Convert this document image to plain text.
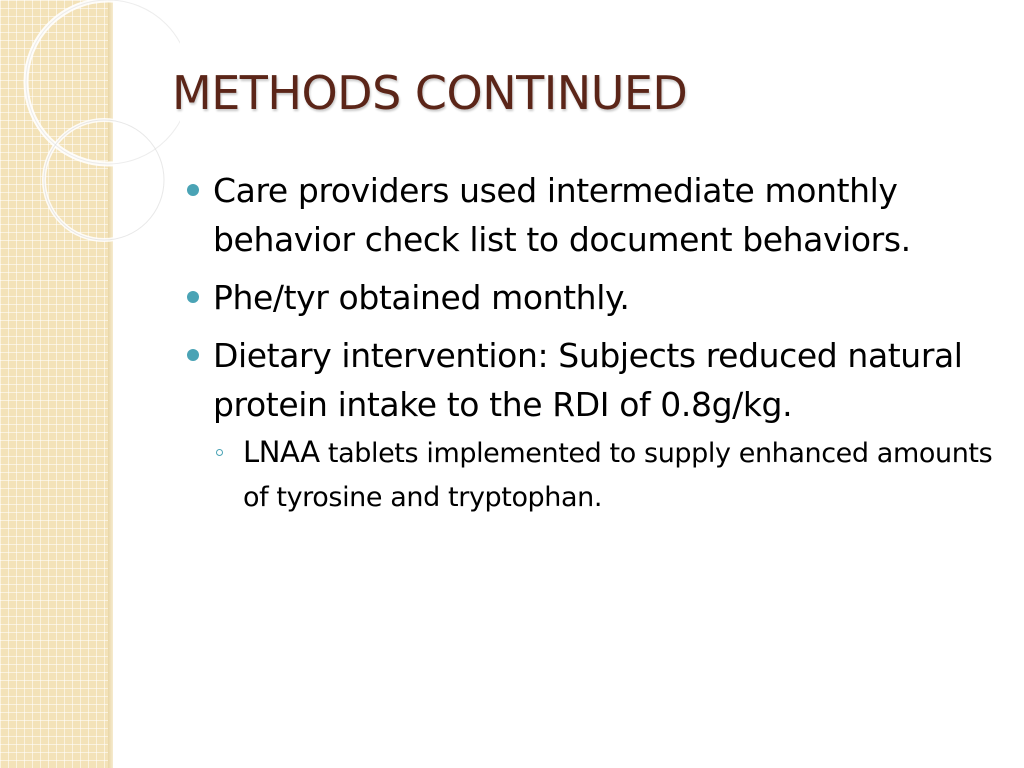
METHODS CONTINUED
Care providers used intermediate monthly behavior check list to document behaviors.
Phe/tyr obtained monthly.
Dietary intervention: Subjects reduced natural protein intake to the RDI of 0.8g/kg.
LNAA tablets implemented to supply enhanced amounts of tyrosine and tryptophan.
